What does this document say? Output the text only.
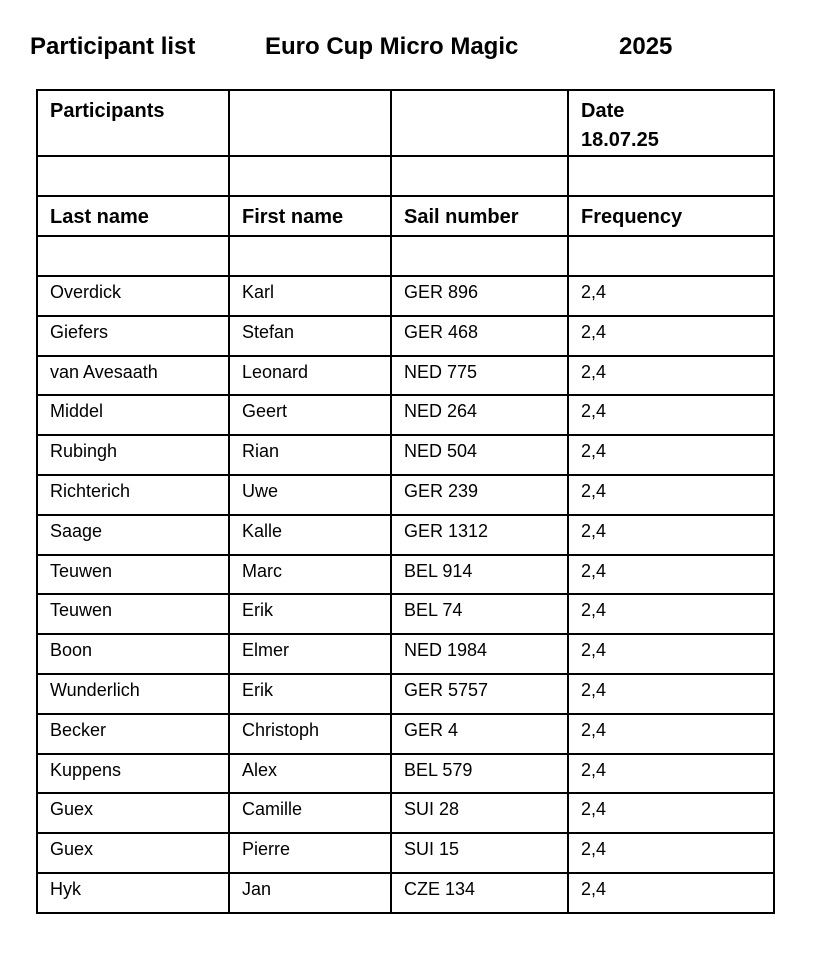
Participant list	Euro Cup Micro Magic	2025
Participants			Date
18.07.25

Last name	First name	Sail number	Frequency

Overdick	Karl	GER 896	2,4
Giefers	Stefan	GER 468	2,4
van Avesaath	Leonard	NED 775	2,4
Middel	Geert	NED 264	2,4
Rubingh	Rian	NED 504	2,4
Richterich	Uwe	GER 239	2,4
Saage	Kalle	GER 1312	2,4
Teuwen	Marc	BEL 914	2,4
Teuwen	Erik	BEL 74	2,4
Boon	Elmer	NED 1984	2,4
Wunderlich	Erik	GER 5757	2,4
Becker	Christoph	GER 4	2,4
Kuppens	Alex	BEL 579	2,4
Guex	Camille	SUI 28	2,4
Guex	Pierre	SUI 15	2,4
Hyk	Jan	CZE 134	2,4
